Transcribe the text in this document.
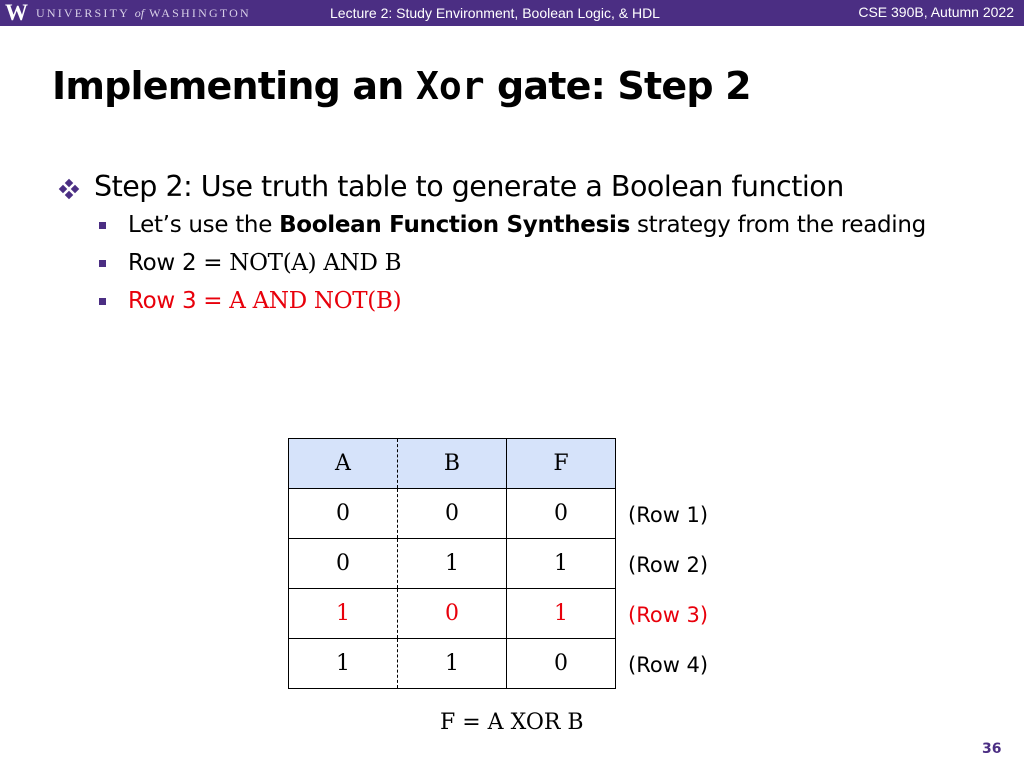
W UNIVERSITY of WASHINGTON	Lecture 2: Study Environment, Boolean Logic, & HDL	CSE 390B, Autumn 2022
Implementing an Xor gate: Step 2
Step 2: Use truth table to generate a Boolean function
Let’s use the Boolean Function Synthesis strategy from the reading
Row 2 = NOT(A) AND B
Row 3 = A AND NOT(B)
A	B	F
0	0	0
0	1	1
1	0	1
1	1	0
(Row 1)
(Row 2)
(Row 3)
(Row 4)
F = A XOR B
36
